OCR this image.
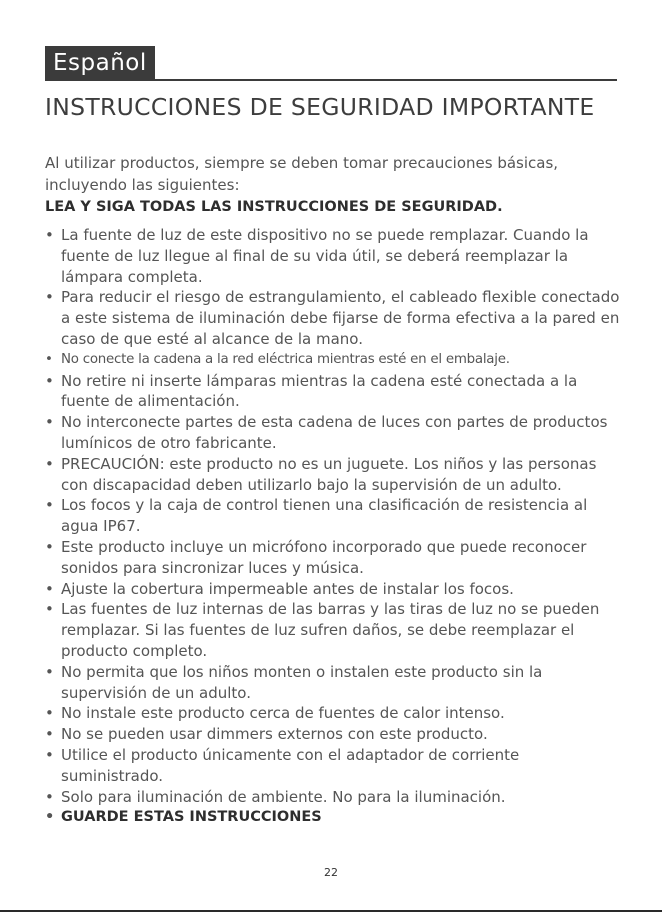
Español
INSTRUCCIONES DE SEGURIDAD IMPORTANTE
Al utilizar productos, siempre se deben tomar precauciones básicas, incluyendo las siguientes:
LEA Y SIGA TODAS LAS INSTRUCCIONES DE SEGURIDAD.
• La fuente de luz de este dispositivo no se puede remplazar. Cuando la fuente de luz llegue al final de su vida útil, se deberá reemplazar la lámpara completa.
• Para reducir el riesgo de estrangulamiento, el cableado flexible conectado a este sistema de iluminación debe fijarse de forma efectiva a la pared en caso de que esté al alcance de la mano.
• No conecte la cadena a la red eléctrica mientras esté en el embalaje.
• No retire ni inserte lámparas mientras la cadena esté conectada a la fuente de alimentación.
• No interconecte partes de esta cadena de luces con partes de productos lumínicos de otro fabricante.
• PRECAUCIÓN: este producto no es un juguete. Los niños y las personas con discapacidad deben utilizarlo bajo la supervisión de un adulto.
• Los focos y la caja de control tienen una clasificación de resistencia al agua IP67.
• Este producto incluye un micrófono incorporado que puede reconocer sonidos para sincronizar luces y música.
• Ajuste la cobertura impermeable antes de instalar los focos.
• Las fuentes de luz internas de las barras y las tiras de luz no se pueden remplazar. Si las fuentes de luz sufren daños, se debe reemplazar el producto completo.
• No permita que los niños monten o instalen este producto sin la supervisión de un adulto.
• No instale este producto cerca de fuentes de calor intenso.
• No se pueden usar dimmers externos con este producto.
• Utilice el producto únicamente con el adaptador de corriente suministrado.
• Solo para iluminación de ambiente. No para la iluminación.
• GUARDE ESTAS INSTRUCCIONES
22
